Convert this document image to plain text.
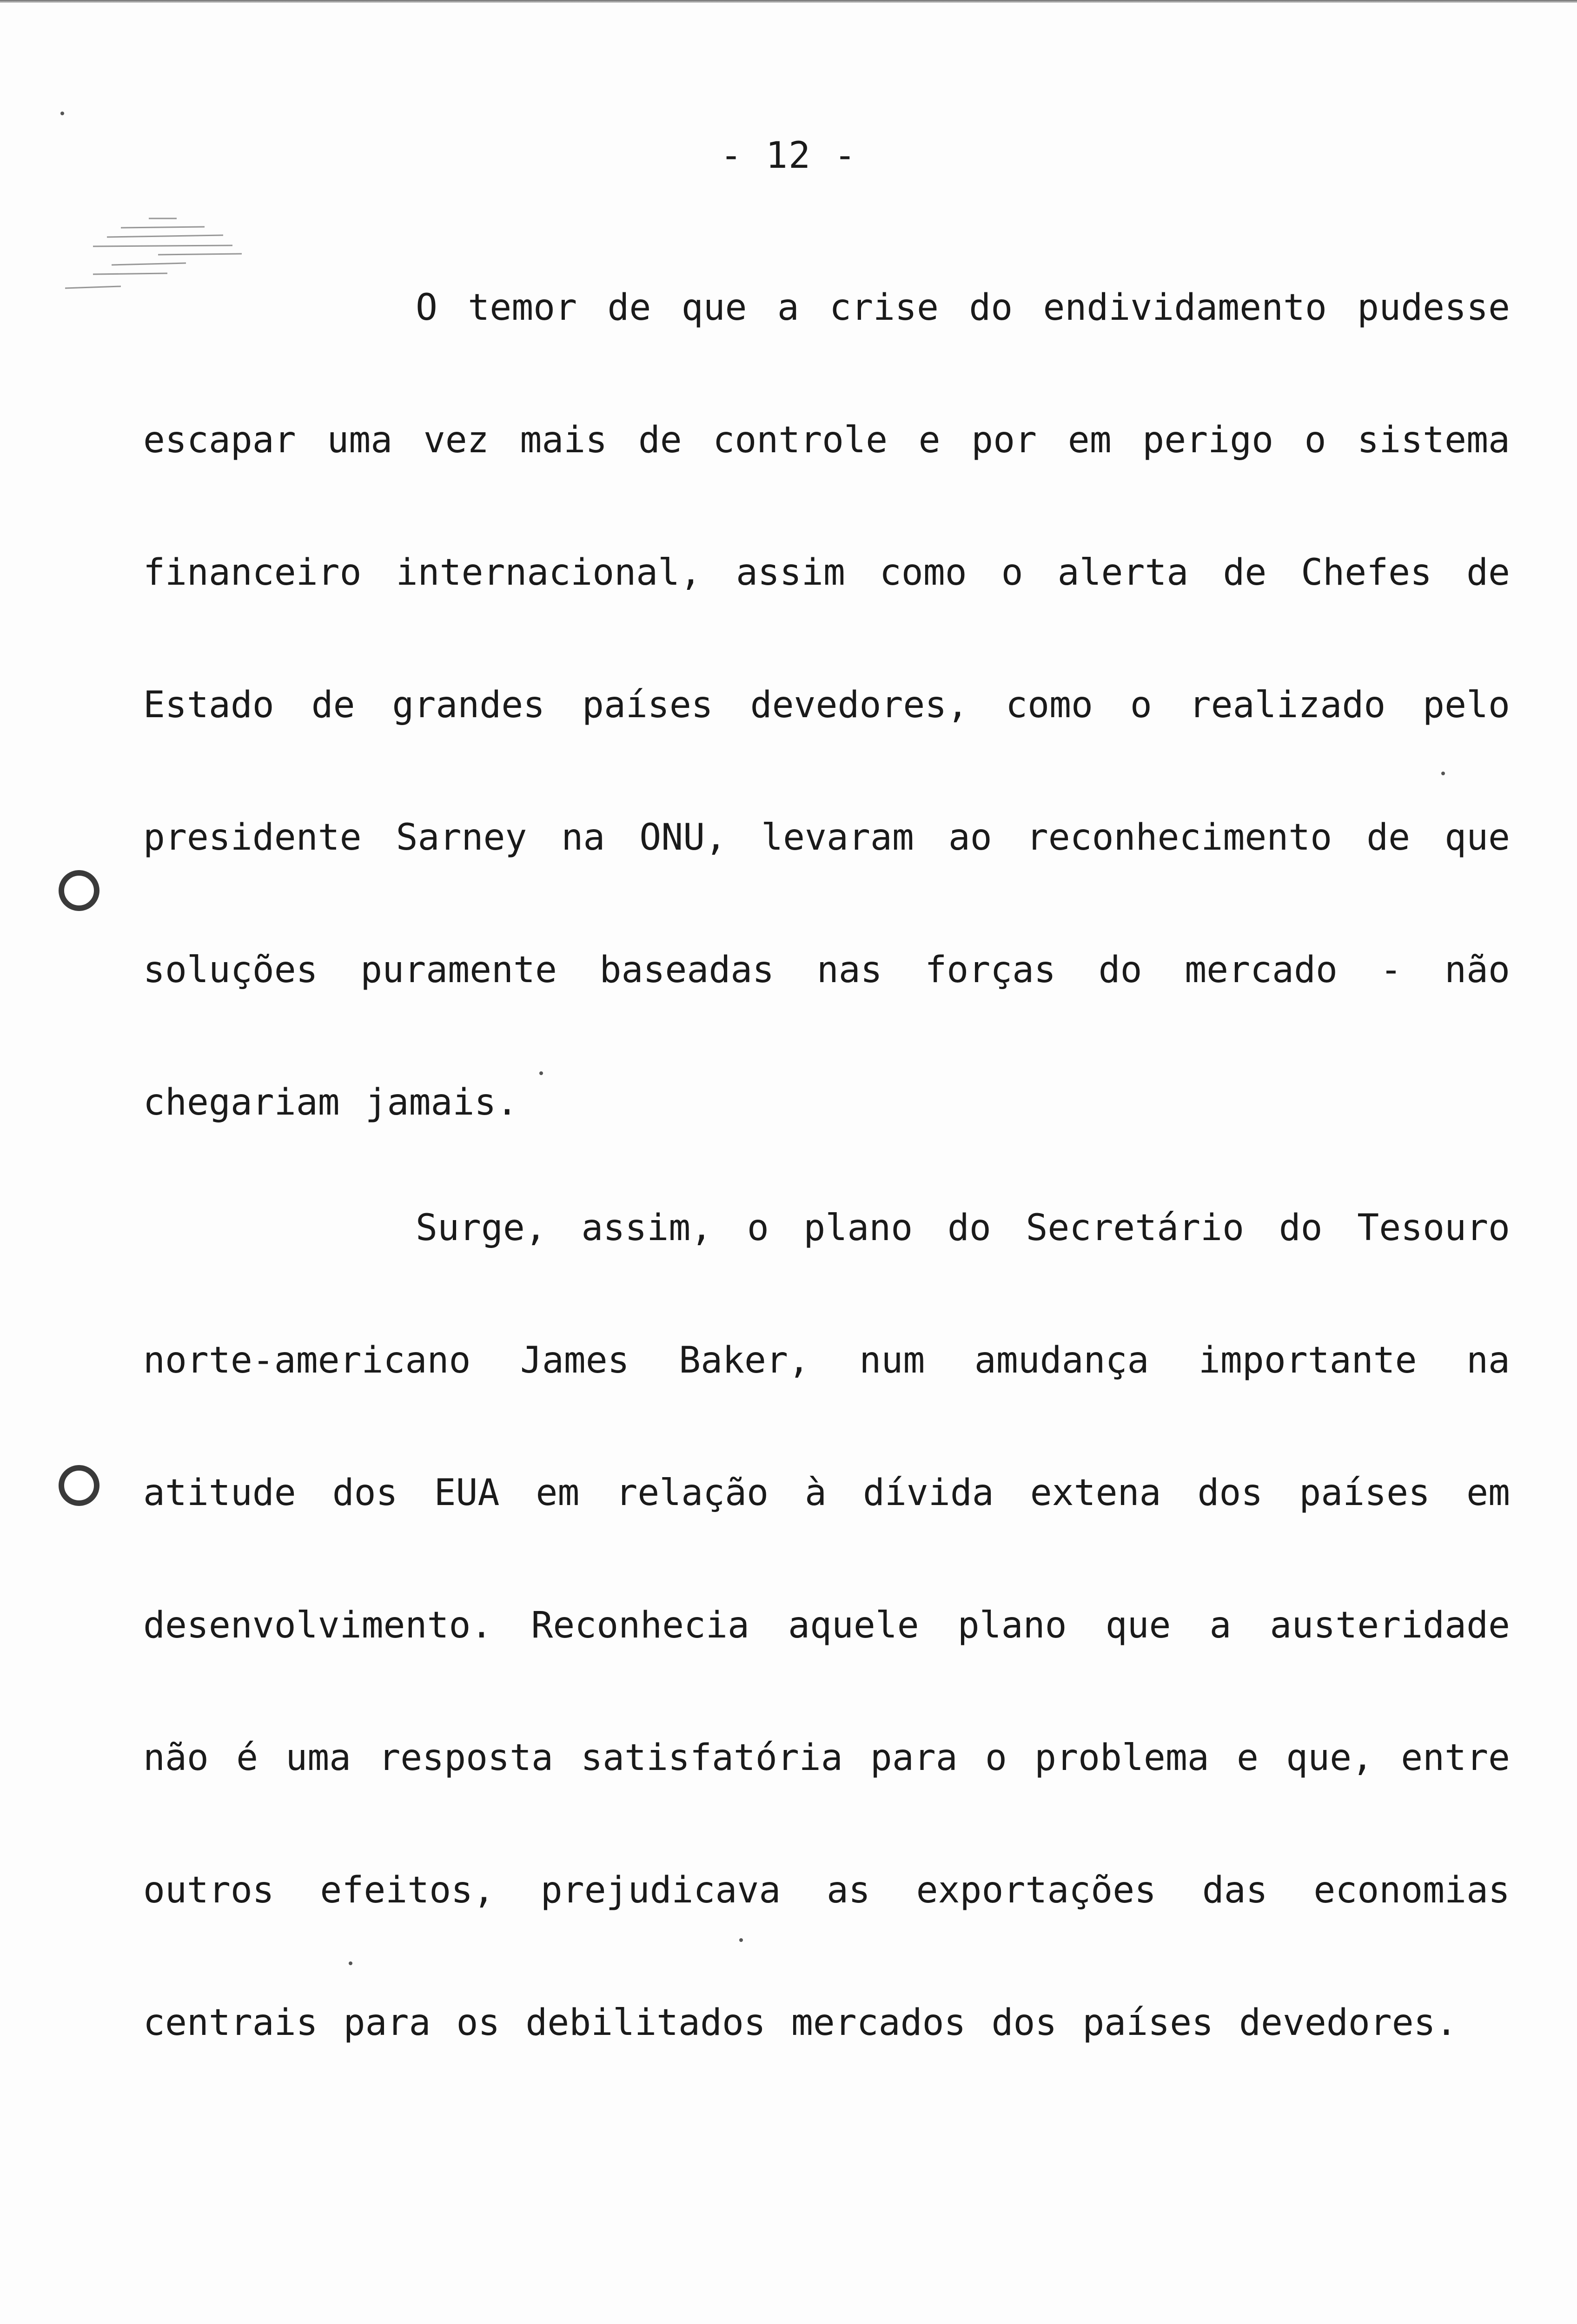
- 12 -

O temor de que a crise do endividamento pudesse escapar uma vez mais de controle e por em perigo o sistema financeiro internacional, assim como o alerta de Chefes de Estado de grandes países devedores, como o realizado pelo presidente Sarney na ONU, levaram ao reconhecimento de que soluções puramente baseadas nas forças do mercado - não chegariam jamais.

Surge, assim, o plano do Secretário do Tesouro norte-americano James Baker, num amudança importante na atitude dos EUA em relação à dívida extena dos países em desenvolvimento. Reconhecia aquele plano que a austeridade não é uma resposta satisfatória para o problema e que, entre outros efeitos, prejudicava as exportações das economias centrais para os debilitados mercados dos países devedores.
